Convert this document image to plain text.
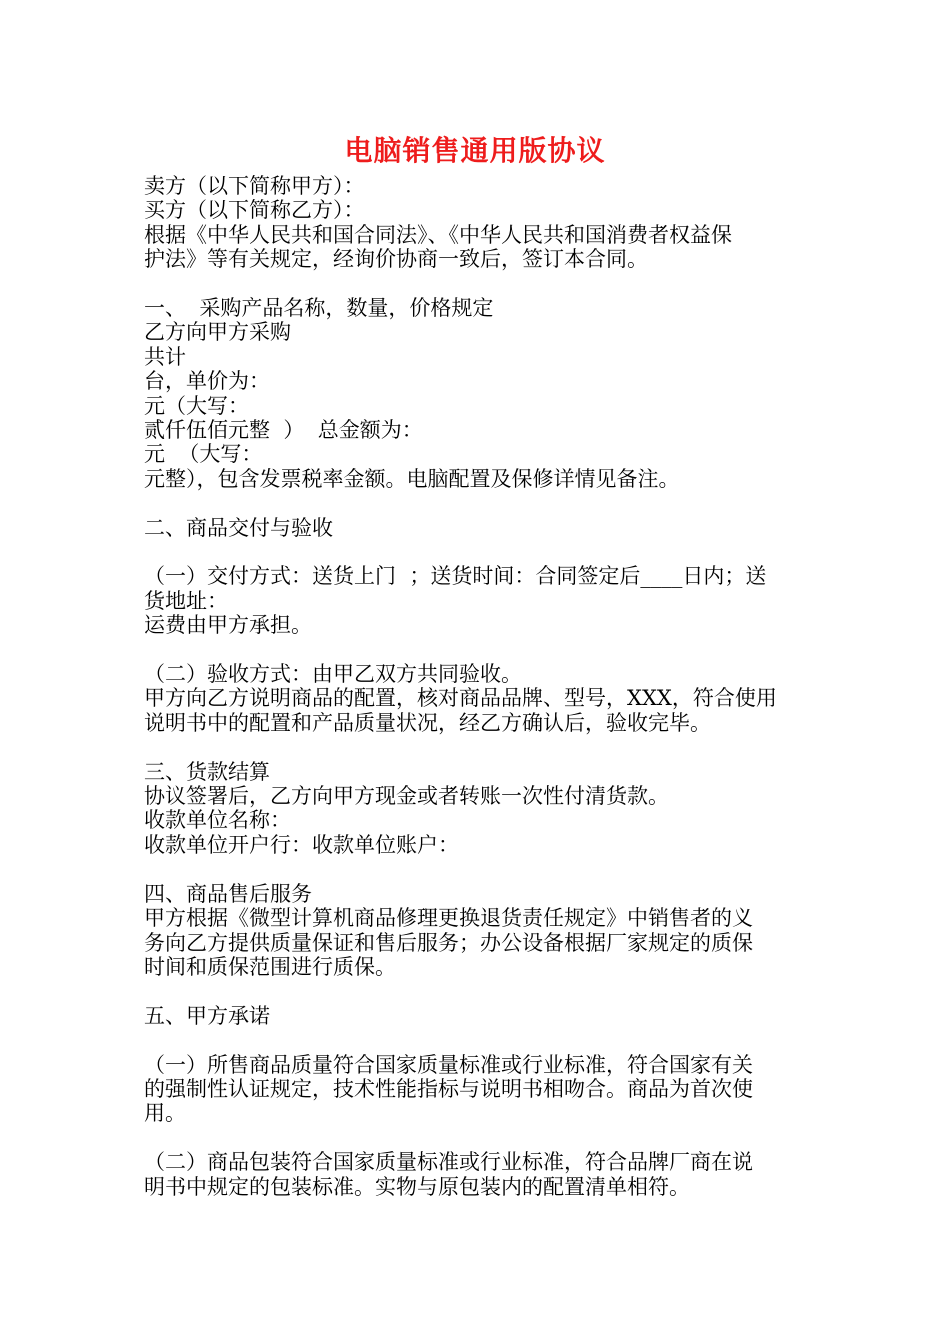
电脑销售通用版协议

卖方（以下简称甲方）：

买方（以下简称乙方）：

根据《中华人民共和国合同法》、《中华人民共和国消费者权益保

护法》等有关规定，经询价协商一致后，签订本合同。

一、  采购产品名称，数量，价格规定

乙方向甲方采购

共计

台，单价为：

元（大写：

贰仟伍佰元整  ）  总金额为：

元  （大写：

元整），包含发票税率金额。电脑配置及保修详情见备注。

二、商品交付与验收

（一）交付方式：送货上门  ；送货时间：合同签定后____日内；送

货地址：

运费由甲方承担。

（二）验收方式：由甲乙双方共同验收。

甲方向乙方说明商品的配置，核对商品品牌、型号，XXX，符合使用

说明书中的配置和产品质量状况，经乙方确认后，验收完毕。

三、货款结算

协议签署后，乙方向甲方现金或者转账一次性付清货款。

收款单位名称：

收款单位开户行：收款单位账户：

四、商品售后服务

甲方根据《微型计算机商品修理更换退货责任规定》中销售者的义

务向乙方提供质量保证和售后服务；办公设备根据厂家规定的质保

时间和质保范围进行质保。

五、甲方承诺

（一）所售商品质量符合国家质量标准或行业标准，符合国家有关

的强制性认证规定，技术性能指标与说明书相吻合。商品为首次使

用。

（二）商品包装符合国家质量标准或行业标准，符合品牌厂商在说

明书中规定的包装标准。实物与原包装内的配置清单相符。
